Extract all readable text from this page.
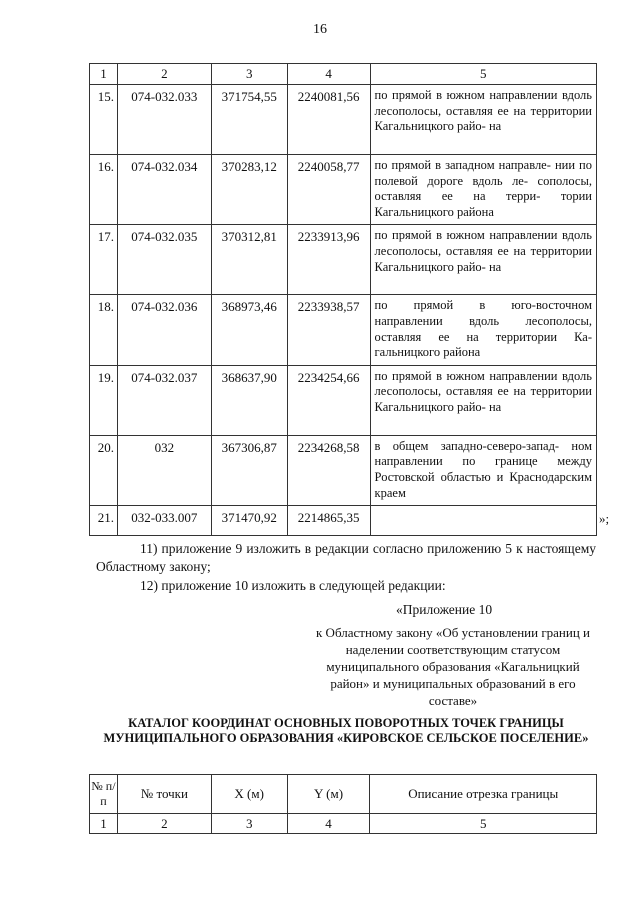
16
1	2	3	4	5
15.	074-032.033	371754,55	2240081,56	по прямой в южном направлении вдоль лесополосы, оставляя ее на территории Кагальницкого райо- на
16.	074-032.034	370283,12	2240058,77	по прямой в западном направле- нии по полевой дороге вдоль ле- сополосы, оставляя ее на терри- тории Кагальницкого района
17.	074-032.035	370312,81	2233913,96	по прямой в южном направлении вдоль лесополосы, оставляя ее на территории Кагальницкого райо- на
18.	074-032.036	368973,46	2233938,57	по прямой в юго-восточном направлении вдоль лесополосы, оставляя ее на территории Ка- гальницкого района
19.	074-032.037	368637,90	2234254,66	по прямой в южном направлении вдоль лесополосы, оставляя ее на территории Кагальницкого райо- на
20.	032	367306,87	2234268,58	в общем западно-северо-запад- ном направлении по границе между Ростовской областью и Краснодарским краем
21.	032-033.007	371470,92	2214865,35		»;
11) приложение 9 изложить в редакции согласно приложению 5 к настоящему Областному закону;
12) приложение 10 изложить в следующей редакции:
«Приложение 10
к Областному закону «Об установлении границ и наделении соответствующим статусом муниципального образования «Кагальницкий район» и муниципальных образований в его составе»
КАТАЛОГ КООРДИНАТ ОСНОВНЫХ ПОВОРОТНЫХ ТОЧЕК ГРАНИЦЫ МУНИЦИПАЛЬНОГО ОБРАЗОВАНИЯ «КИРОВСКОЕ СЕЛЬСКОЕ ПОСЕЛЕНИЕ»
№ п/п	№ точки	X (м)	Y (м)	Описание отрезка границы
1	2	3	4	5
